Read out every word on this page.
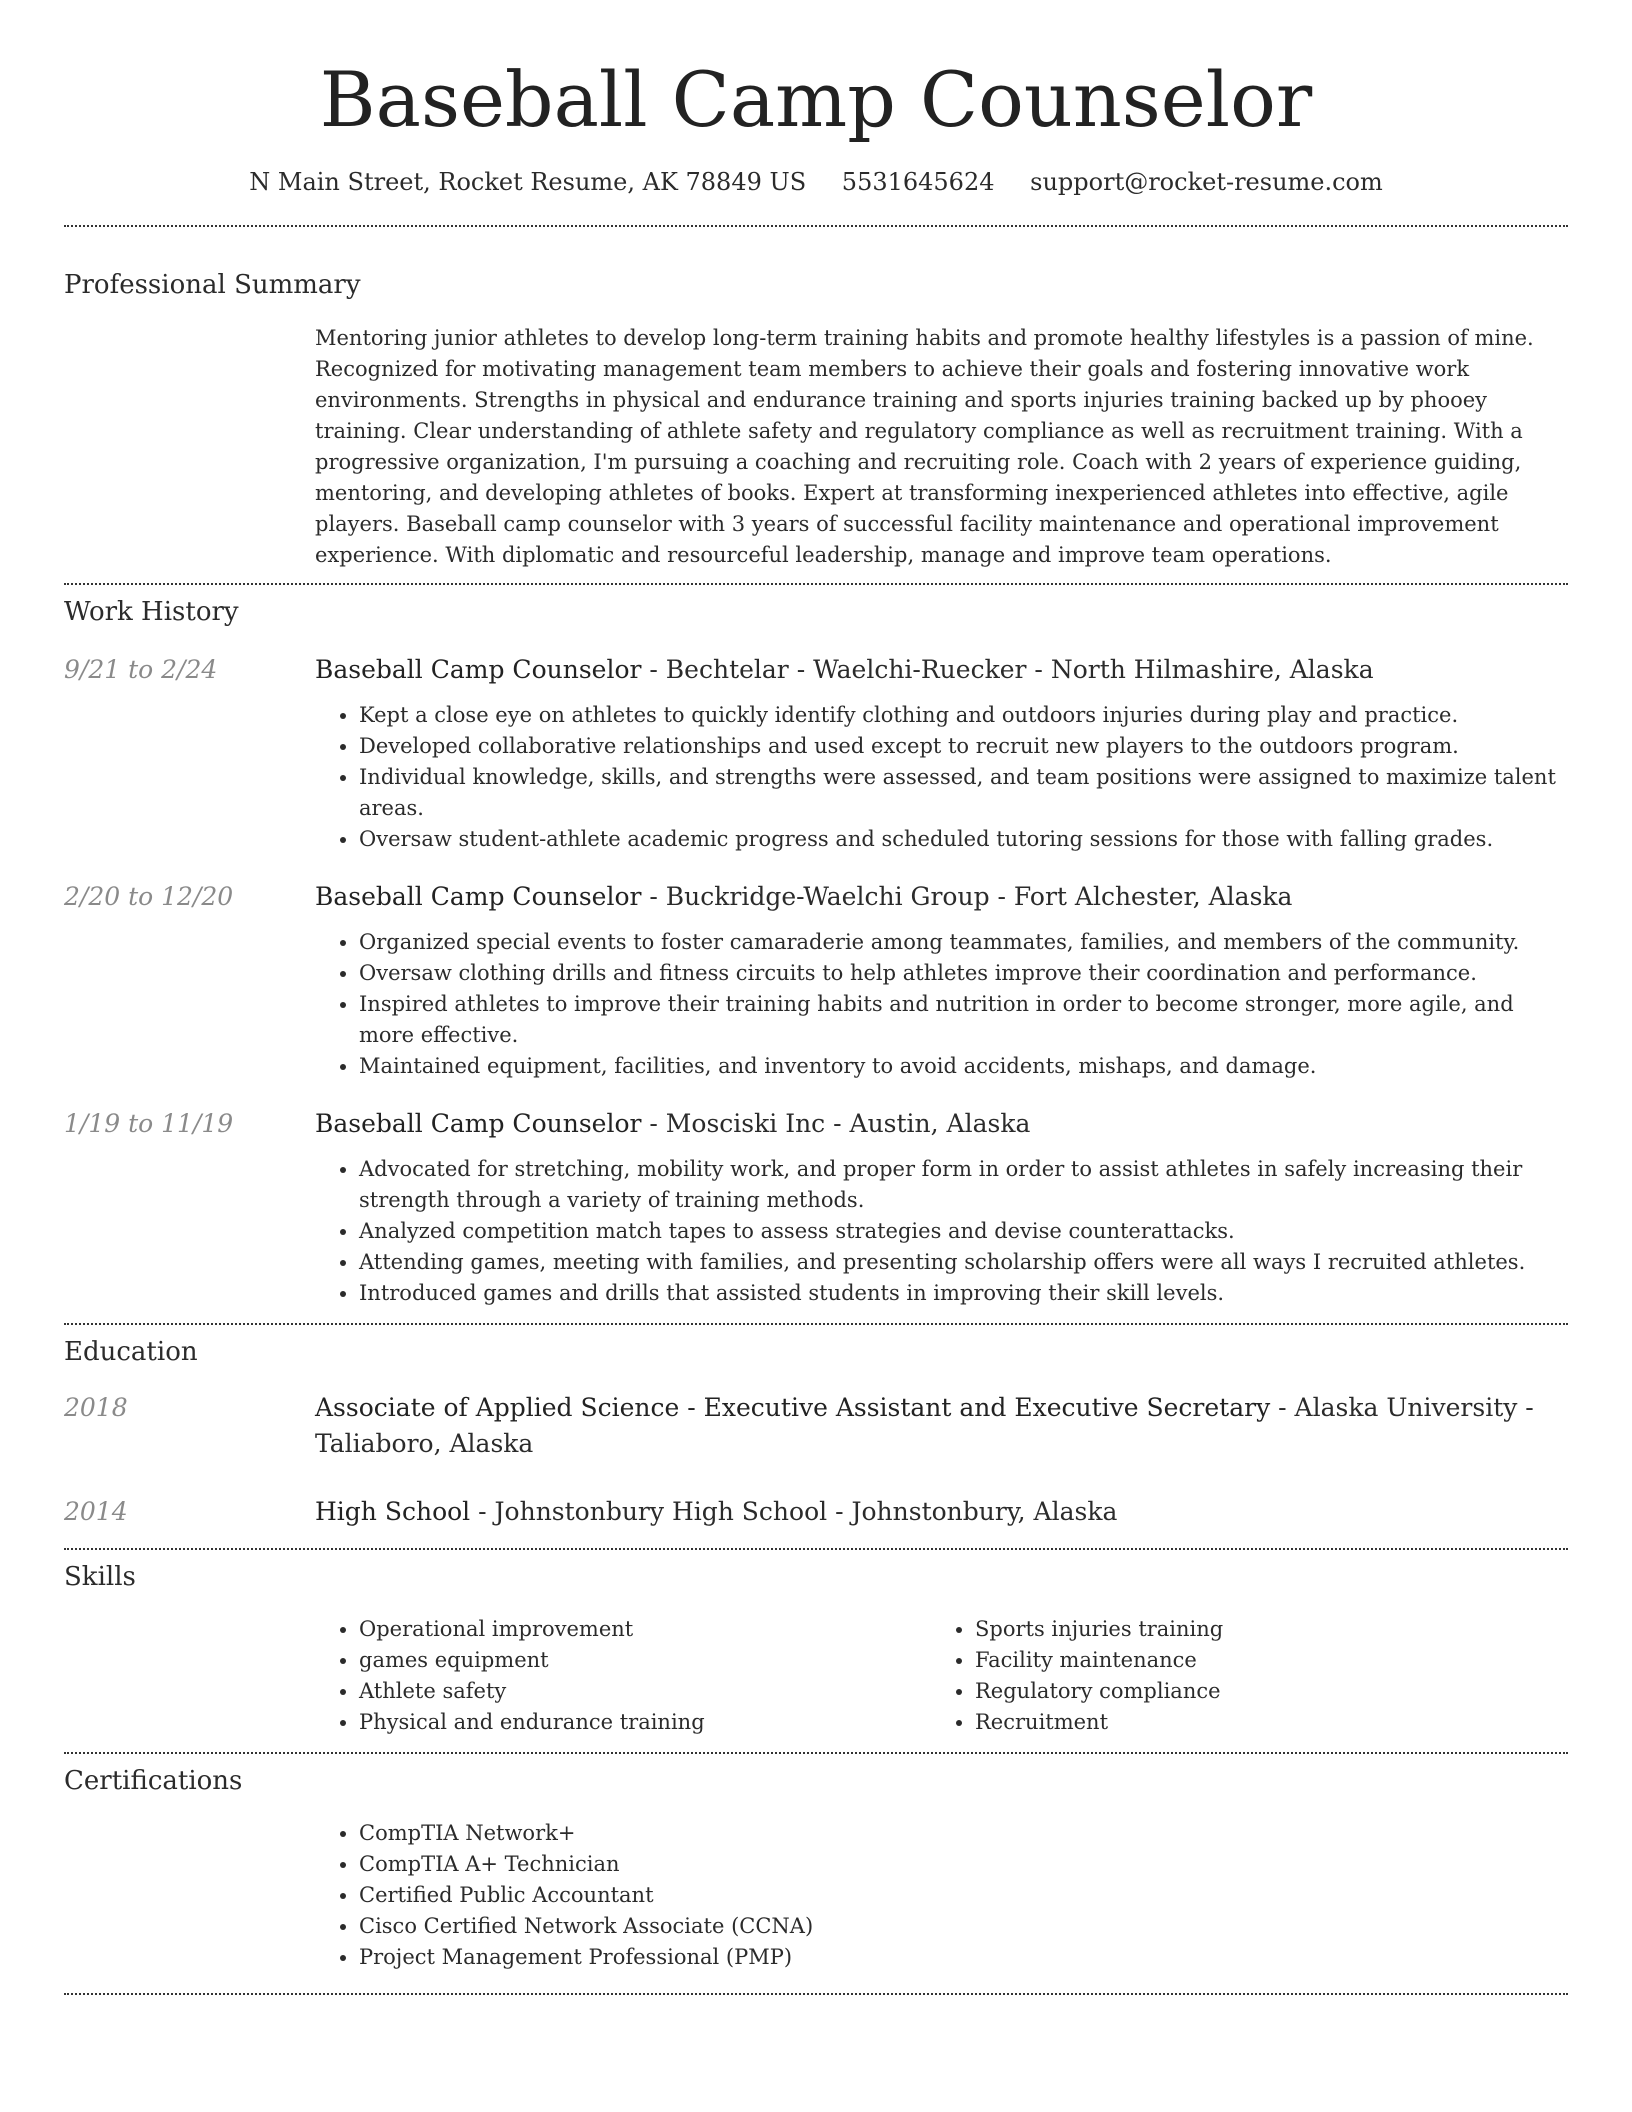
Baseball Camp Counselor
N Main Street, Rocket Resume, AK 78849 US 5531645624 support@rocket-resume.com
Professional Summary

Mentoring junior athletes to develop long-term training habits and promote healthy lifestyles is a passion of mine. Recognized for motivating management team members to achieve their goals and fostering innovative work environments. Strengths in physical and endurance training and sports injuries training backed up by phooey training. Clear understanding of athlete safety and regulatory compliance as well as recruitment training. With a progressive organization, I'm pursuing a coaching and recruiting role. Coach with 2 years of experience guiding, mentoring, and developing athletes of books. Expert at transforming inexperienced athletes into effective, agile players. Baseball camp counselor with 3 years of successful facility maintenance and operational improvement experience. With diplomatic and resourceful leadership, manage and improve team operations.

Work History
9/21 to 2/24	Baseball Camp Counselor - Bechtelar - Waelchi-Ruecker - North Hilmashire, Alaska
• Kept a close eye on athletes to quickly identify clothing and outdoors injuries during play and practice.
• Developed collaborative relationships and used except to recruit new players to the outdoors program.
• Individual knowledge, skills, and strengths were assessed, and team positions were assigned to maximize talent areas.
• Oversaw student-athlete academic progress and scheduled tutoring sessions for those with falling grades.
2/20 to 12/20	Baseball Camp Counselor - Buckridge-Waelchi Group - Fort Alchester, Alaska
• Organized special events to foster camaraderie among teammates, families, and members of the community.
• Oversaw clothing drills and fitness circuits to help athletes improve their coordination and performance.
• Inspired athletes to improve their training habits and nutrition in order to become stronger, more agile, and more effective.
• Maintained equipment, facilities, and inventory to avoid accidents, mishaps, and damage.
1/19 to 11/19	Baseball Camp Counselor - Mosciski Inc - Austin, Alaska
• Advocated for stretching, mobility work, and proper form in order to assist athletes in safely increasing their strength through a variety of training methods.
• Analyzed competition match tapes to assess strategies and devise counterattacks.
• Attending games, meeting with families, and presenting scholarship offers were all ways I recruited athletes.
• Introduced games and drills that assisted students in improving their skill levels.
Education
2018	Associate of Applied Science - Executive Assistant and Executive Secretary - Alaska University - Taliaboro, Alaska
2014	High School - Johnstonbury High School - Johnstonbury, Alaska
Skills
• Operational improvement
• games equipment
• Athlete safety
• Physical and endurance training
• Sports injuries training
• Facility maintenance
• Regulatory compliance
• Recruitment
Certifications
• CompTIA Network+
• CompTIA A+ Technician
• Certified Public Accountant
• Cisco Certified Network Associate (CCNA)
• Project Management Professional (PMP)
